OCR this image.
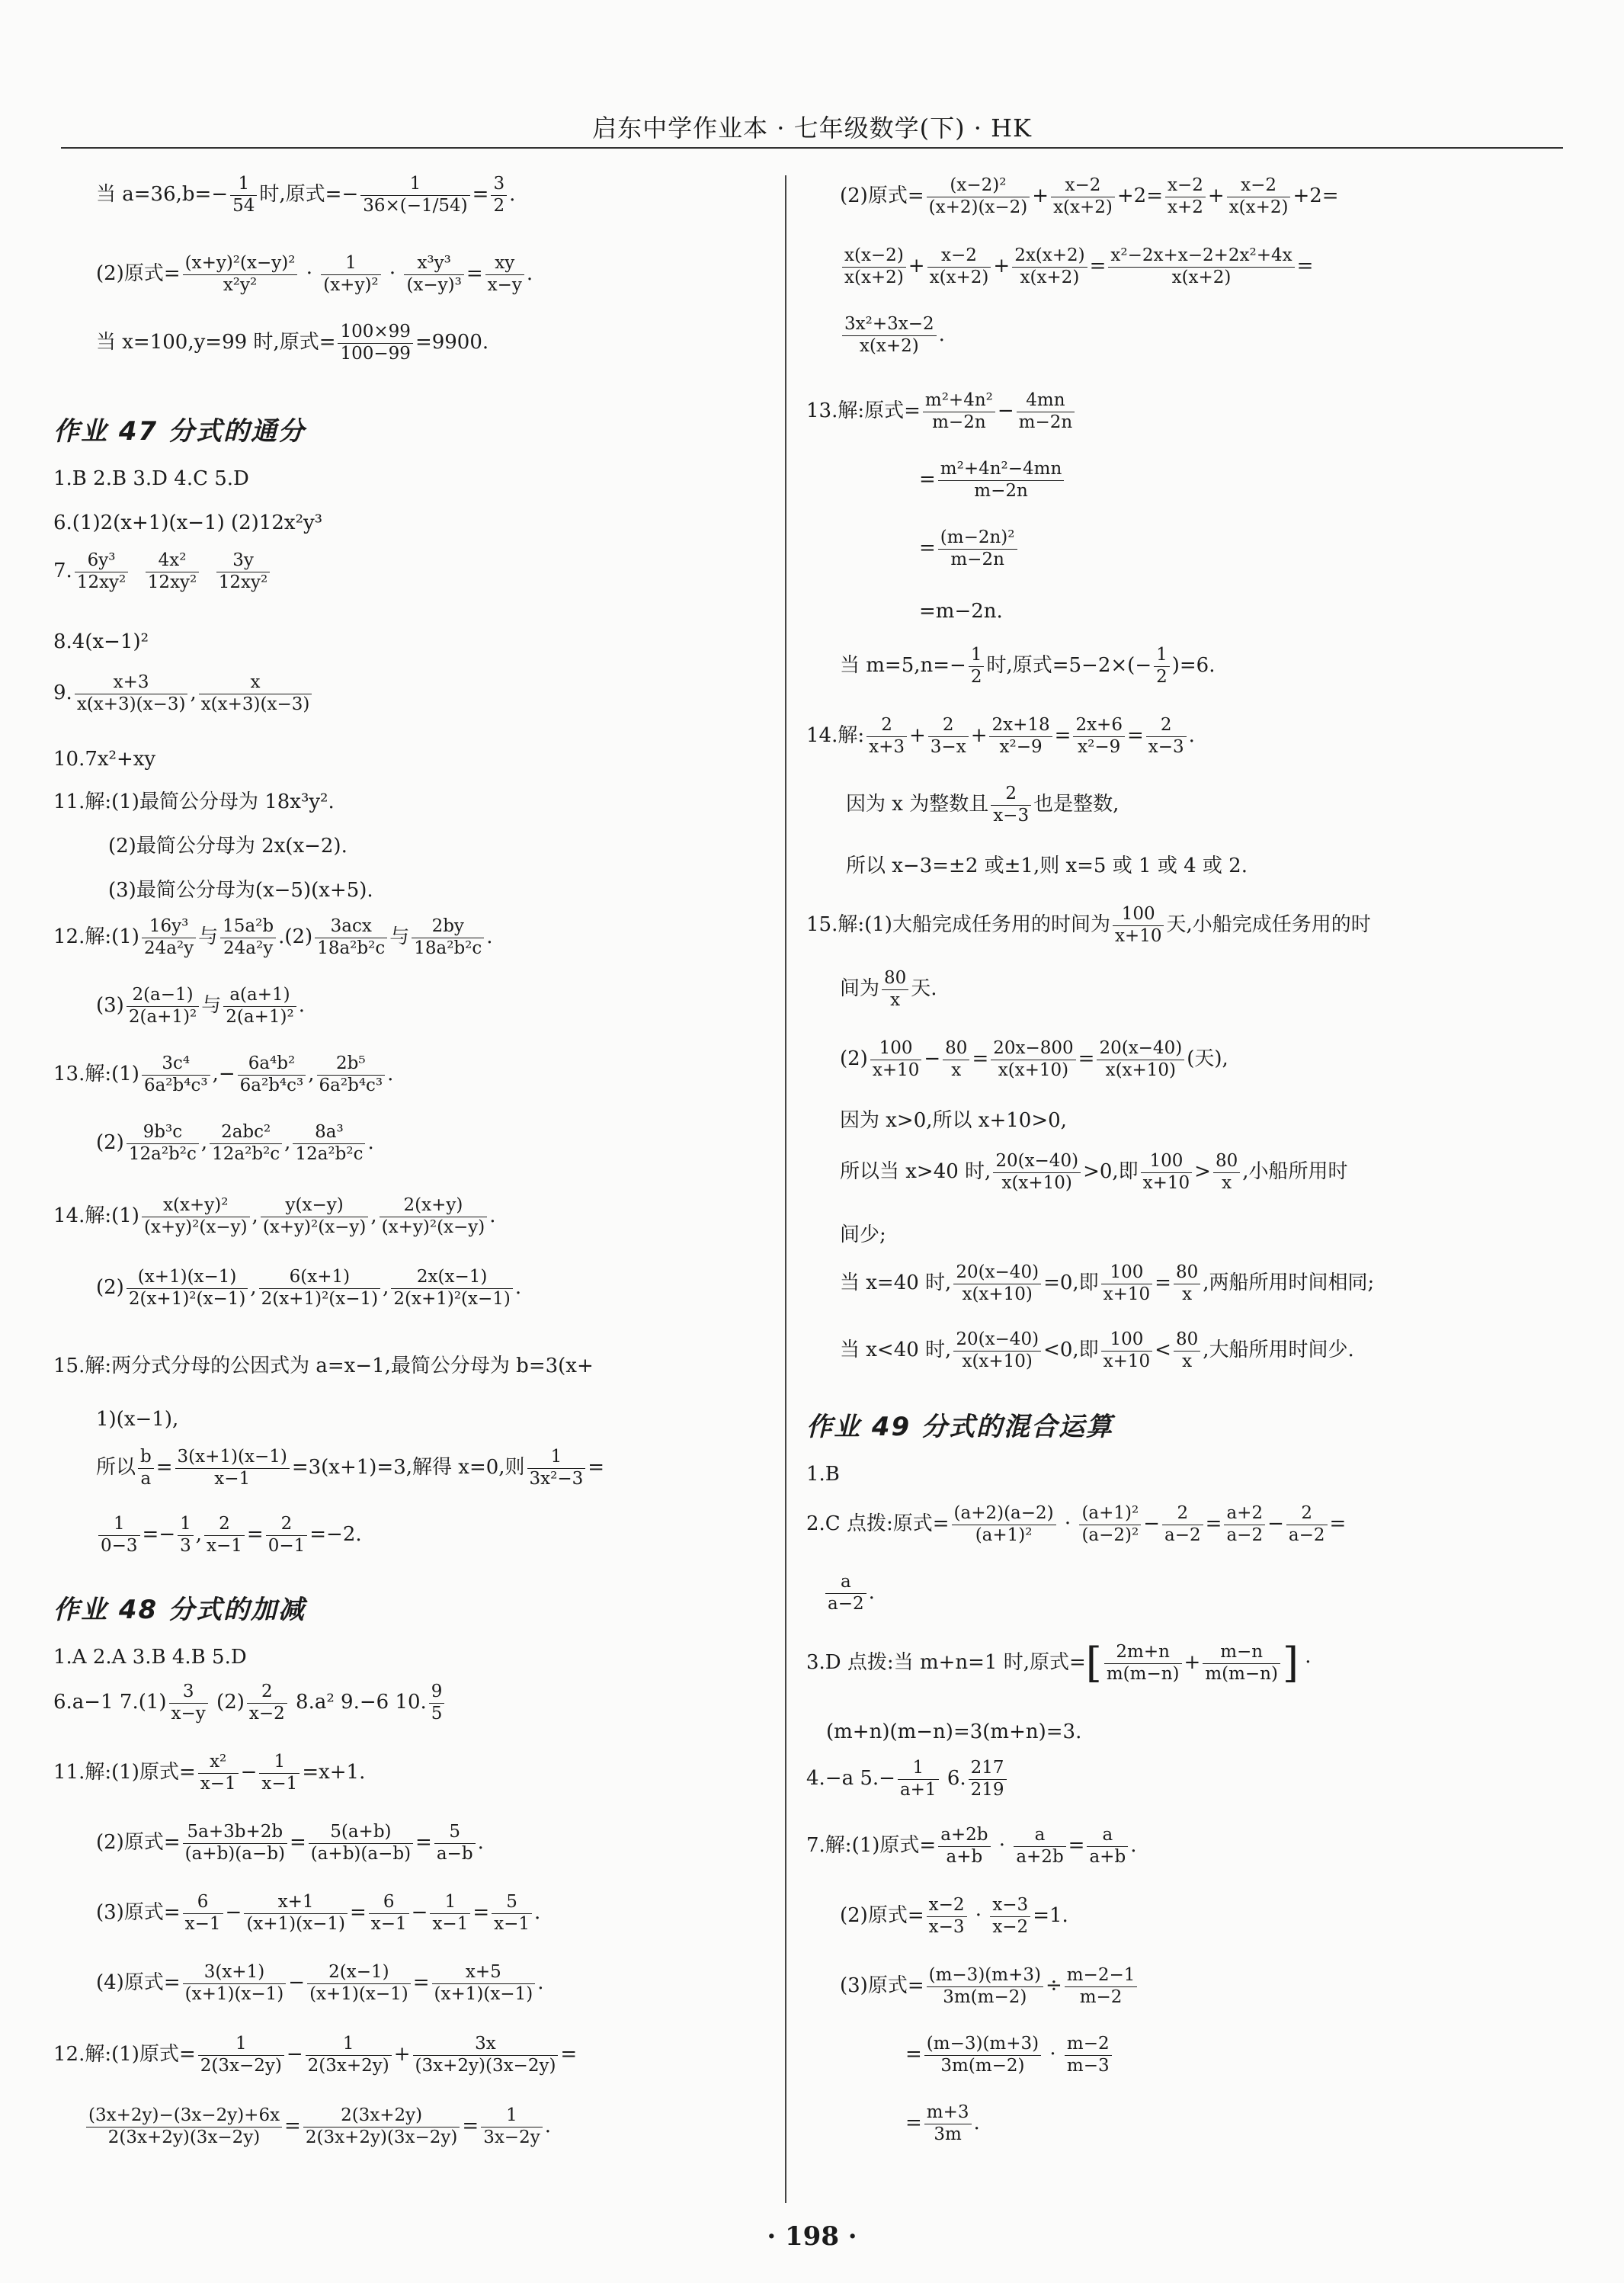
启东中学作业本 · 七年级数学(下) · HK
当 $a=36,b=- \frac{1}{54}$ 时,原式=− $\frac{1}{36\times(-1/54)} = \frac{3}{2}$ .
(2)原式= $\frac{\text{(x+y)²(x−y)²}}{\text{x²y²}} \cdot \frac{1}{\text{(x+y)²}} \cdot \frac{\text{x³y³}}{\text{(x−y)³}} = \frac{xy}{x-y}$ .
当 x=100,y=99 时,原式= $\frac{100\times 99}{100-99} =9900$.
作业 47 分式的通分
1.B 2.B 3.D 4.C 5.D
6.(1)2(x+1)(x−1) (2)12x²y³
7. $\frac{\text{6y³}}{\text{12xy²}}$
$\frac{\text{4x²}}{\text{12xy²}}$
$\frac{3y}{\text{12xy²}}$
8.4(x−1)²
9. $\frac{x+3}{x(x+3)(x-3)}$ , $\frac{x}{x(x+3)(x-3)}$
10.7x²+xy
11.解:(1)最简公分母为 18x³y².
(2)最简公分母为 2x(x−2).
(3)最简公分母为(x−5)(x+5).
12.解:(1) $\frac{\text{16y³}}{\text{24a²y}}$ 与 $\frac{\text{15a²b}}{\text{24a²y}} .(2) \frac{\text{3acx}}{\text{18a²b²c}}$ 与 $\frac{2by}{\text{18a²b²c}}$ .
$(3) \frac{2(a-1)}{\text{2(a+1)²}}$ 与 $\frac{a(a+1)}{\text{2(a+1)²}}$ .
13.解:(1) $\frac{\text{3c⁴}}{\text{6a²b⁴c³}}$ ,− $\frac{\text{6a⁴b²}}{\text{6a²b⁴c³}}$ , $\frac{\text{2b⁵}}{\text{6a²b⁴c³}}$ .
$(2) \frac{\text{9b³c}}{\text{12a²b²c}}$ , $\frac{\text{2abc²}}{\text{12a²b²c}}$ , $\frac{\text{8a³}}{\text{12a²b²c}}$ .
14.解:(1) $\frac{\text{x(x+y)²}}{\text{(x+y)²(x−y)}}$ , $\frac{y(x-y)}{\text{(x+y)²(x−y)}}$ , $\frac{2(x+y)}{\text{(x+y)²(x−y)}}$ .
$(2) \frac{(x+1)(x-1)}{\text{2(x+1)²(x−1)}}$ , $\frac{6(x+1)}{\text{2(x+1)²(x−1)}}$ , $\frac{2x(x-1)}{\text{2(x+1)²(x−1)}}$ .
15.解:两分式分母的公因式为 a=x−1,最简公分母为 b=3(x+
1)(x−1),
所以 $\frac{b}{a} = \frac{3(x+1)(x-1)}{x-1} =3(x+1)=3$,解得 x=0,则 $\frac{1}{\text{3x²−3}}$ =
$\frac{1}{0-3} =- \frac{1}{3}$ , $\frac{2}{x-1} = \frac{2}{0-1} =-2$.
作业 48 分式的加减
1.A 2.A 3.B 4.B 5.D
6.a−1 $7.(1) \frac{3}{x-y} (2) \frac{2}{x-2} 8.a^2$ 9.−6 10. $\frac{9}{5}$
11.解:(1)原式= $\frac{\text{x²}}{x-1} - \frac{1}{x-1} =x+1$.
(2)原式= $\frac{5a+3b+2b}{(a+b)(a-b)} = \frac{5(a+b)}{(a+b)(a-b)} = \frac{5}{a-b}$ .
(3)原式= $\frac{6}{x-1} - \frac{x+1}{(x+1)(x-1)} = \frac{6}{x-1} - \frac{1}{x-1} = \frac{5}{x-1}$ .
(4)原式= $\frac{3(x+1)}{(x+1)(x-1)} - \frac{2(x-1)}{(x+1)(x-1)} = \frac{x+5}{(x+1)(x-1)}$ .
12.解:(1)原式= $\frac{1}{2(3x-2y)} - \frac{1}{2(3x+2y)} + \frac{3x}{(3x+2y)(3x-2y)}$ =
$\frac{(3x+2y)-(3x-2y)+6x}{2(3x+2y)(3x-2y)} = \frac{2(3x+2y)}{2(3x+2y)(3x-2y)} = \frac{1}{3x-2y}$ .
(2)原式= $\frac{\text{(x−2)²}}{(x+2)(x-2)} + \frac{x-2}{x(x+2)} +2= \frac{x-2}{x+2} + \frac{x-2}{x(x+2)} +2=$
$\frac{x(x-2)}{x(x+2)} + \frac{x-2}{x(x+2)} + \frac{2x(x+2)}{x(x+2)} = \frac{\text{x²−2x+x−2+2x²+4x}}{x(x+2)}$ =
$\frac{\text{3x²+3x−2}}{x(x+2)}$ .
13.解:原式= $\frac{\text{m²+4n²}}{m-2n} - \frac{4mn}{m-2n}$
= $\frac{\text{m²+4n²−4mn}}{m-2n}$
= $\frac{\text{(m−2n)²}}{m-2n}$
=m−2n.
当 $m=5,n=- \frac{1}{2}$ 时,原式$=5-2\times(- \frac{1}{2} )=6$.
14.解: $\frac{2}{x+3} + \frac{2}{3-x} + \frac{2x+18}{\text{x²−9}} = \frac{2x+6}{\text{x²−9}} = \frac{2}{x-3}$ .
因为 x 为整数且 $\frac{2}{x-3}$ 也是整数,
所以 x−3=±2 或±1,则 x=5 或 1 或 4 或 2.
15.解:(1)大船完成任务用的时间为 $\frac{100}{x+10}$ 天,小船完成任务用的时
间为 $\frac{80}{x}$ 天.
$(2) \frac{100}{x+10} - \frac{80}{x} = \frac{20x-800}{x(x+10)} = \frac{20(x-40)}{x(x+10)}$ (天),
因为 x>0,所以 x+10>0,
所以当 x>40 时, $\frac{20(x-40)}{x(x+10)} >0$,即 $\frac{100}{x+10} > \frac{80}{x}$ ,小船所用时
间少;
当 x=40 时, $\frac{20(x-40)}{x(x+10)} =0$,即 $\frac{100}{x+10} = \frac{80}{x}$ ,两船所用时间相同;
当 x<40 时, $\frac{20(x-40)}{x(x+10)} <0$,即 $\frac{100}{x+10} < \frac{80}{x}$ ,大船所用时间少.
作业 49 分式的混合运算
1.B
2.C 点拨:原式= $\frac{(a+2)(a-2)}{\text{(a+1)²}} \cdot \frac{\text{(a+1)²}}{\text{(a−2)²}} - \frac{2}{a-2} = \frac{a+2}{a-2} - \frac{2}{a-2}$ =
$\frac{a}{a-2}$ .
3.D 点拨:当 m+n=1 时,原式=[ $\frac{2m+n}{m(m-n)} + \frac{m-n}{m(m-n)}$ ] ·
(m+n)(m−n)=3(m+n)=3.
4.−a $5.- \frac{1}{a+1} 6$. $\frac{217}{219}$
7.解:(1)原式= $\frac{a+2b}{a+b} \cdot \frac{a}{a+2b} = \frac{a}{a+b}$ .
(2)原式= $\frac{x-2}{x-3} \cdot \frac{x-3}{x-2} =1$.
(3)原式= $\frac{(m-3)(m+3)}{3m(m-2)} \div \frac{m-2-1}{m-2}$
= $\frac{(m-3)(m+3)}{3m(m-2)} \cdot \frac{m-2}{m-3}$
= $\frac{m+3}{3m}$ .
· 198 ·
